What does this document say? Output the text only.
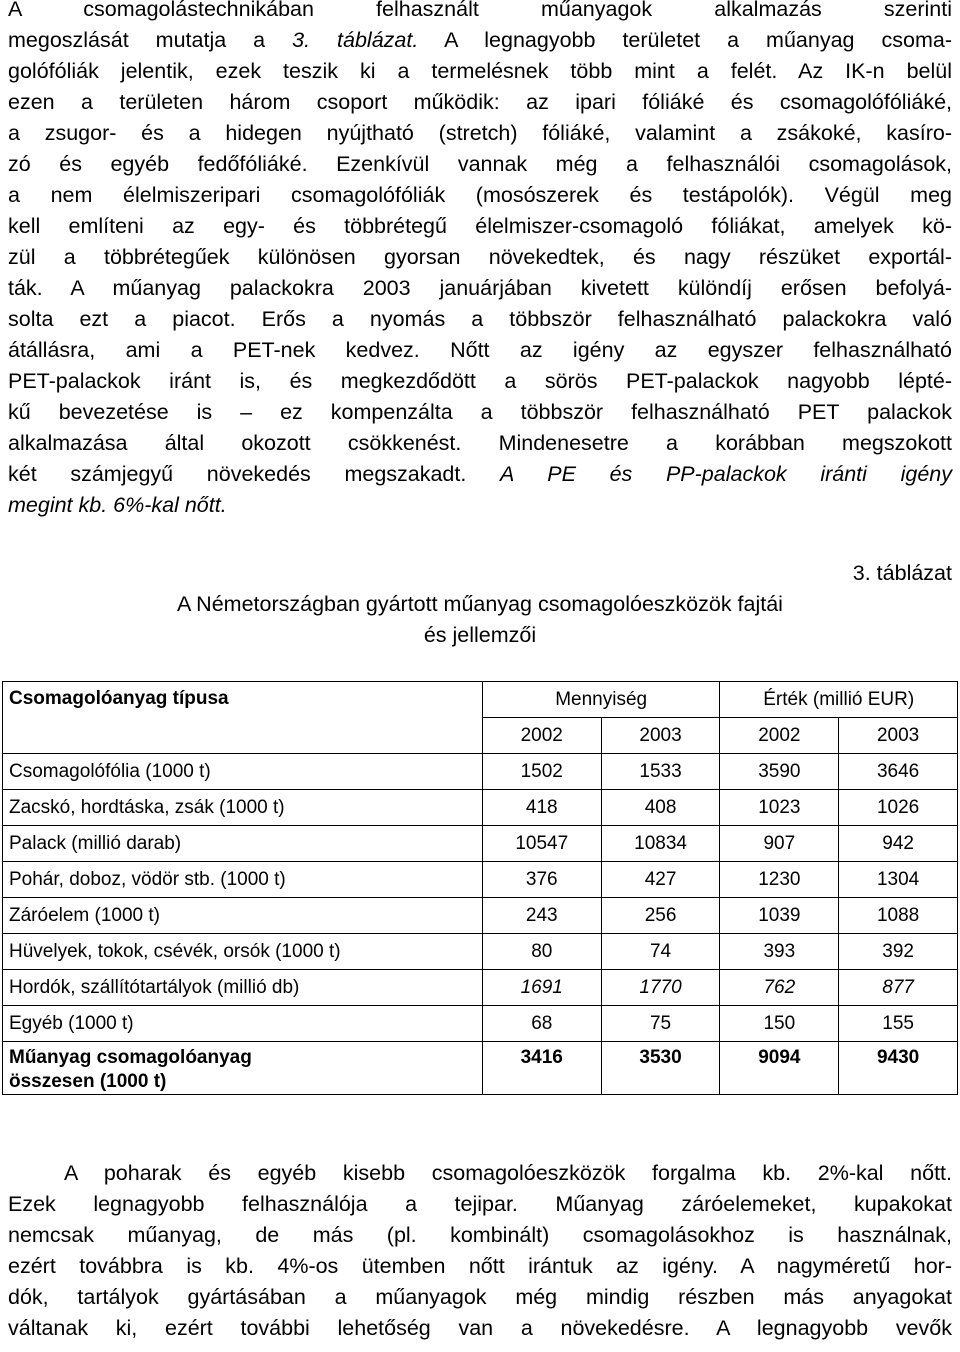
A csomagolástechnikában felhasznált műanyagok alkalmazás szerinti
megoszlását mutatja a 3. táblázat. A legnagyobb területet a műanyag csoma-
golófóliák jelentik, ezek teszik ki a termelésnek több mint a felét. Az IK-n belül
ezen a területen három csoport működik: az ipari fóliáké és csomagolófóliáké,
a zsugor- és a hidegen nyújtható (stretch) fóliáké, valamint a zsákoké, kasíro-
zó és egyéb fedőfóliáké. Ezenkívül vannak még a felhasználói csomagolások,
a nem élelmiszeripari csomagolófóliák (mosószerek és testápolók). Végül meg
kell említeni az egy- és többrétegű élelmiszer-csomagoló fóliákat, amelyek kö-
zül a többrétegűek különösen gyorsan növekedtek, és nagy részüket exportál-
ták. A műanyag palackokra 2003 januárjában kivetett különdíj erősen befolyá-
solta ezt a piacot. Erős a nyomás a többször felhasználható palackokra való
átállásra, ami a PET-nek kedvez. Nőtt az igény az egyszer felhasználható
PET-palackok iránt is, és megkezdődött a sörös PET-palackok nagyobb lépté-
kű bevezetése is – ez kompenzálta a többször felhasználható PET palackok
alkalmazása által okozott csökkenést. Mindenesetre a korábban megszokott
két számjegyű növekedés megszakadt. A PE és PP-palackok iránti igény
megint kb. 6%-kal nőtt.
3. táblázat
A Németországban gyártott műanyag csomagolóeszközök fajtái
és jellemzői
Csomagolóanyag típusa	Mennyiség		Érték (millió EUR)	
	2002	2003	2002	2003
Csomagolófólia (1000 t)	1502	1533	3590	3646
Zacskó, hordtáska, zsák (1000 t)	418	408	1023	1026
Palack (millió darab)	10547	10834	907	942
Pohár, doboz, vödör stb. (1000 t)	376	427	1230	1304
Záróelem (1000 t)	243	256	1039	1088
Hüvelyek, tokok, csévék, orsók (1000 t)	80	74	393	392
Hordók, szállítótartályok (millió db)	1691	1770	762	877
Egyéb (1000 t)	68	75	150	155

Műanyag csomagolóanyag
összesen (1000 t)	3416	3530	9094	9430
A poharak és egyéb kisebb csomagolóeszközök forgalma kb. 2%-kal nőtt.
Ezek legnagyobb felhasználója a tejipar. Műanyag záróelemeket, kupakokat
nemcsak műanyag, de más (pl. kombinált) csomagolásokhoz is használnak,
ezért továbbra is kb. 4%-os ütemben nőtt irántuk az igény. A nagyméretű hor-
dók, tartályok gyártásában a műanyagok még mindig részben más anyagokat
váltanak ki, ezért további lehetőség van a növekedésre. A legnagyobb vevők
